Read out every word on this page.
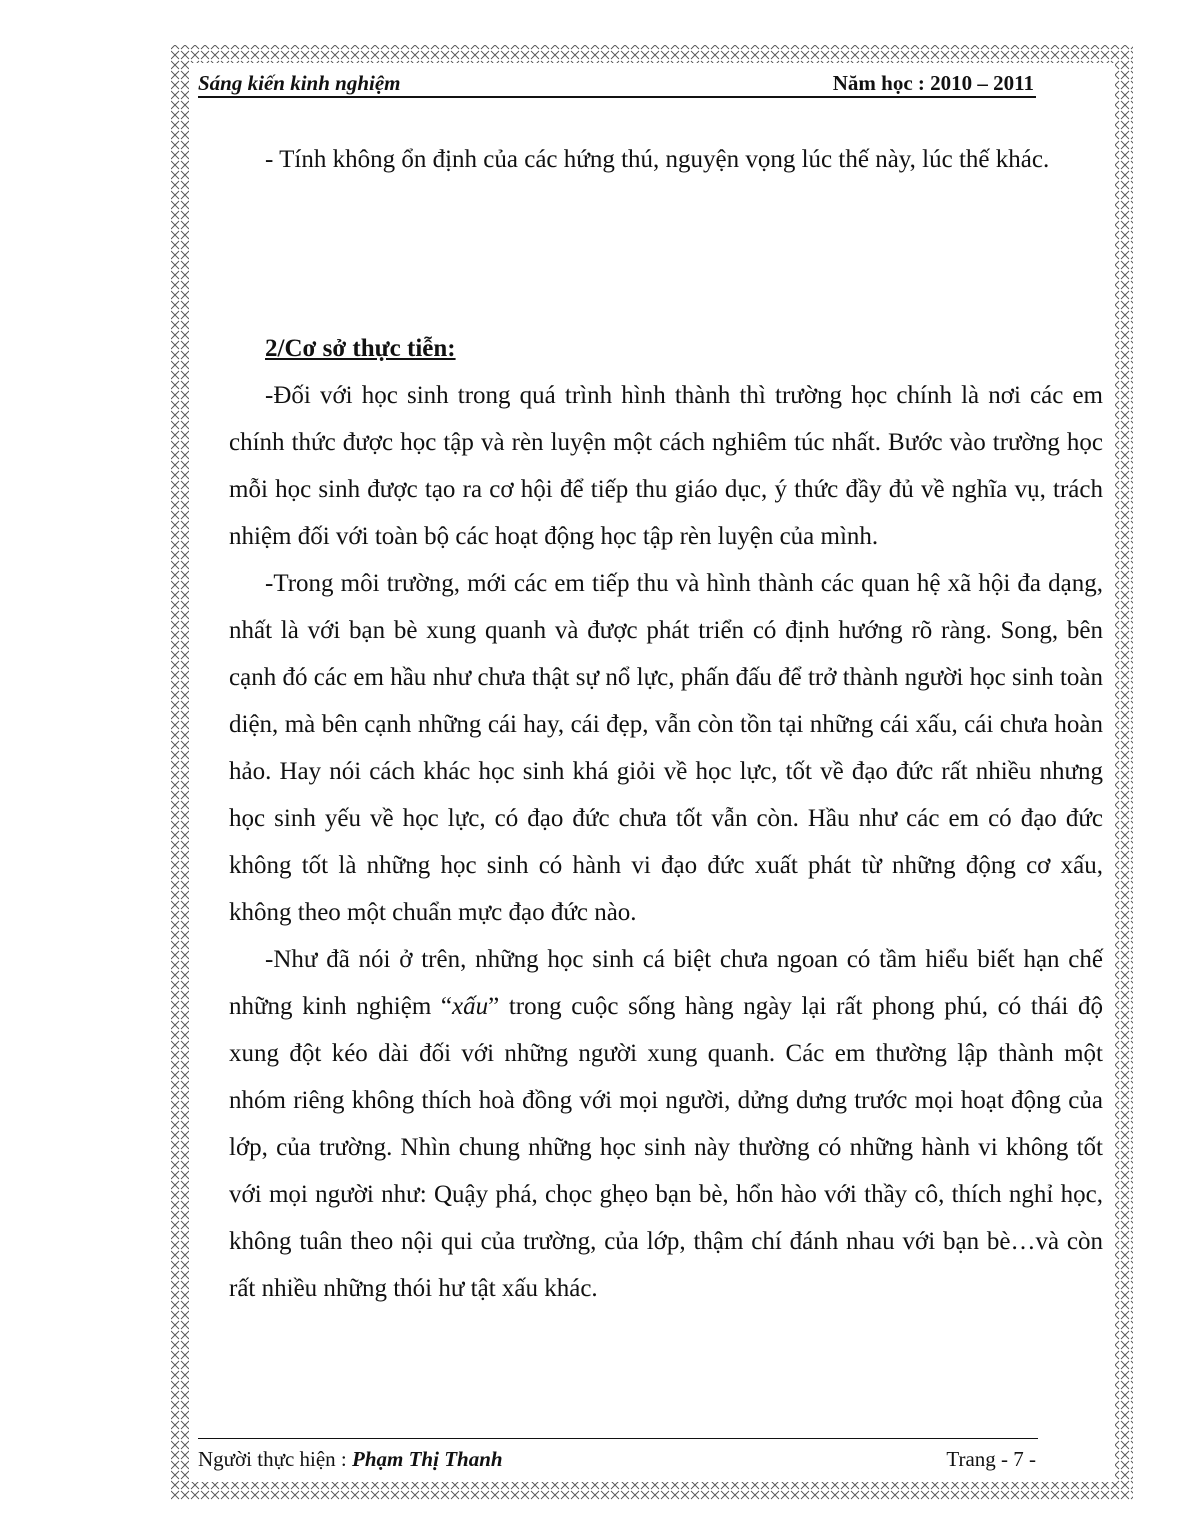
Sáng kiến kinh nghiệm	Năm học : 2010 – 2011

- Tính không ổn định của các hứng thú, nguyện vọng lúc thế này, lúc thế khác.

2/Cơ sở thực tiễn:

-Đối với học sinh trong quá trình hình thành thì trường học chính là nơi các em chính thức được học tập và rèn luyện một cách nghiêm túc nhất. Bước vào trường học mỗi học sinh được tạo ra cơ hội để tiếp thu giáo dục, ý thức đầy đủ về nghĩa vụ, trách nhiệm đối với toàn bộ các hoạt động học tập rèn luyện của mình.

-Trong môi trường, mới các em tiếp thu và hình thành các quan hệ xã hội đa dạng, nhất là với bạn bè xung quanh và được phát triển có định hướng rõ ràng. Song, bên cạnh đó các em hầu như chưa thật sự nổ lực, phấn đấu để trở thành người học sinh toàn diện, mà bên cạnh những cái hay, cái đẹp, vẫn còn tồn tại những cái xấu, cái chưa hoàn hảo. Hay nói cách khác học sinh khá giỏi về học lực, tốt về đạo đức rất nhiều nhưng học sinh yếu về học lực, có đạo đức chưa tốt vẫn còn. Hầu như các em có đạo đức không tốt là những học sinh có hành vi đạo đức xuất phát từ những động cơ xấu, không theo một chuẩn mực đạo đức nào.

-Như đã nói ở trên, những học sinh cá biệt chưa ngoan có tầm hiểu biết hạn chế những kinh nghiệm “xấu” trong cuộc sống hàng ngày lại rất phong phú, có thái độ xung đột kéo dài đối với những người xung quanh. Các em thường lập thành một nhóm riêng không thích hoà đồng với mọi người, dửng dưng trước mọi hoạt động của lớp, của trường. Nhìn chung những học sinh này thường có những hành vi không tốt với mọi người như: Quậy phá, chọc ghẹo bạn bè, hổn hào với thầy cô, thích nghỉ học, không tuân theo nội qui của trường, của lớp, thậm chí đánh nhau với bạn bè…và còn rất nhiều những thói hư tật xấu khác.

Người thực hiện : Phạm Thị Thanh	Trang - 7 -
